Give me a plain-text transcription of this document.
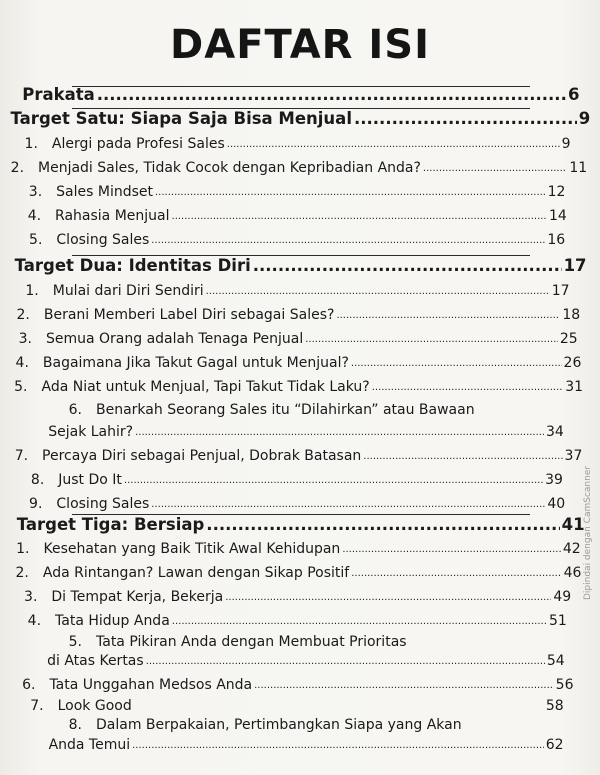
DAFTAR ISI
Prakata .....	6
Target Satu: Siapa Saja Bisa Menjual .....	9
1. Alergi pada Profesi Sales .....	9
2. Menjadi Sales, Tidak Cocok dengan Kepribadian Anda? .....	11
3. Sales Mindset .....	12
4. Rahasia Menjual .....	14
5. Closing Sales .....	16
Target Dua: Identitas Diri .....	17
1. Mulai dari Diri Sendiri .....	17
2. Berani Memberi Label Diri sebagai Sales? .....	18
3. Semua Orang adalah Tenaga Penjual .....	25
4. Bagaimana Jika Takut Gagal untuk Menjual? .....	26
5. Ada Niat untuk Menjual, Tapi Takut Tidak Laku? .....	31
6. Benarkah Seorang Sales itu “Dilahirkan” atau Bawaan
Sejak Lahir? .....	34
7. Percaya Diri sebagai Penjual, Dobrak Batasan .....	37
8. Just Do It .....	39
9. Closing Sales .....	40
Target Tiga: Bersiap .....	41
1. Kesehatan yang Baik Titik Awal Kehidupan .....	42
2. Ada Rintangan? Lawan dengan Sikap Positif .....	46
3. Di Tempat Kerja, Bekerja .....	49
4. Tata Hidup Anda .....	51
5. Tata Pikiran Anda dengan Membuat Prioritas
di Atas Kertas .....	54
6. Tata Unggahan Medsos Anda .....	56
7. Look Good	58
8. Dalam Berpakaian, Pertimbangkan Siapa yang Akan
Anda Temui .....	62
Dipindai dengan CamScanner
